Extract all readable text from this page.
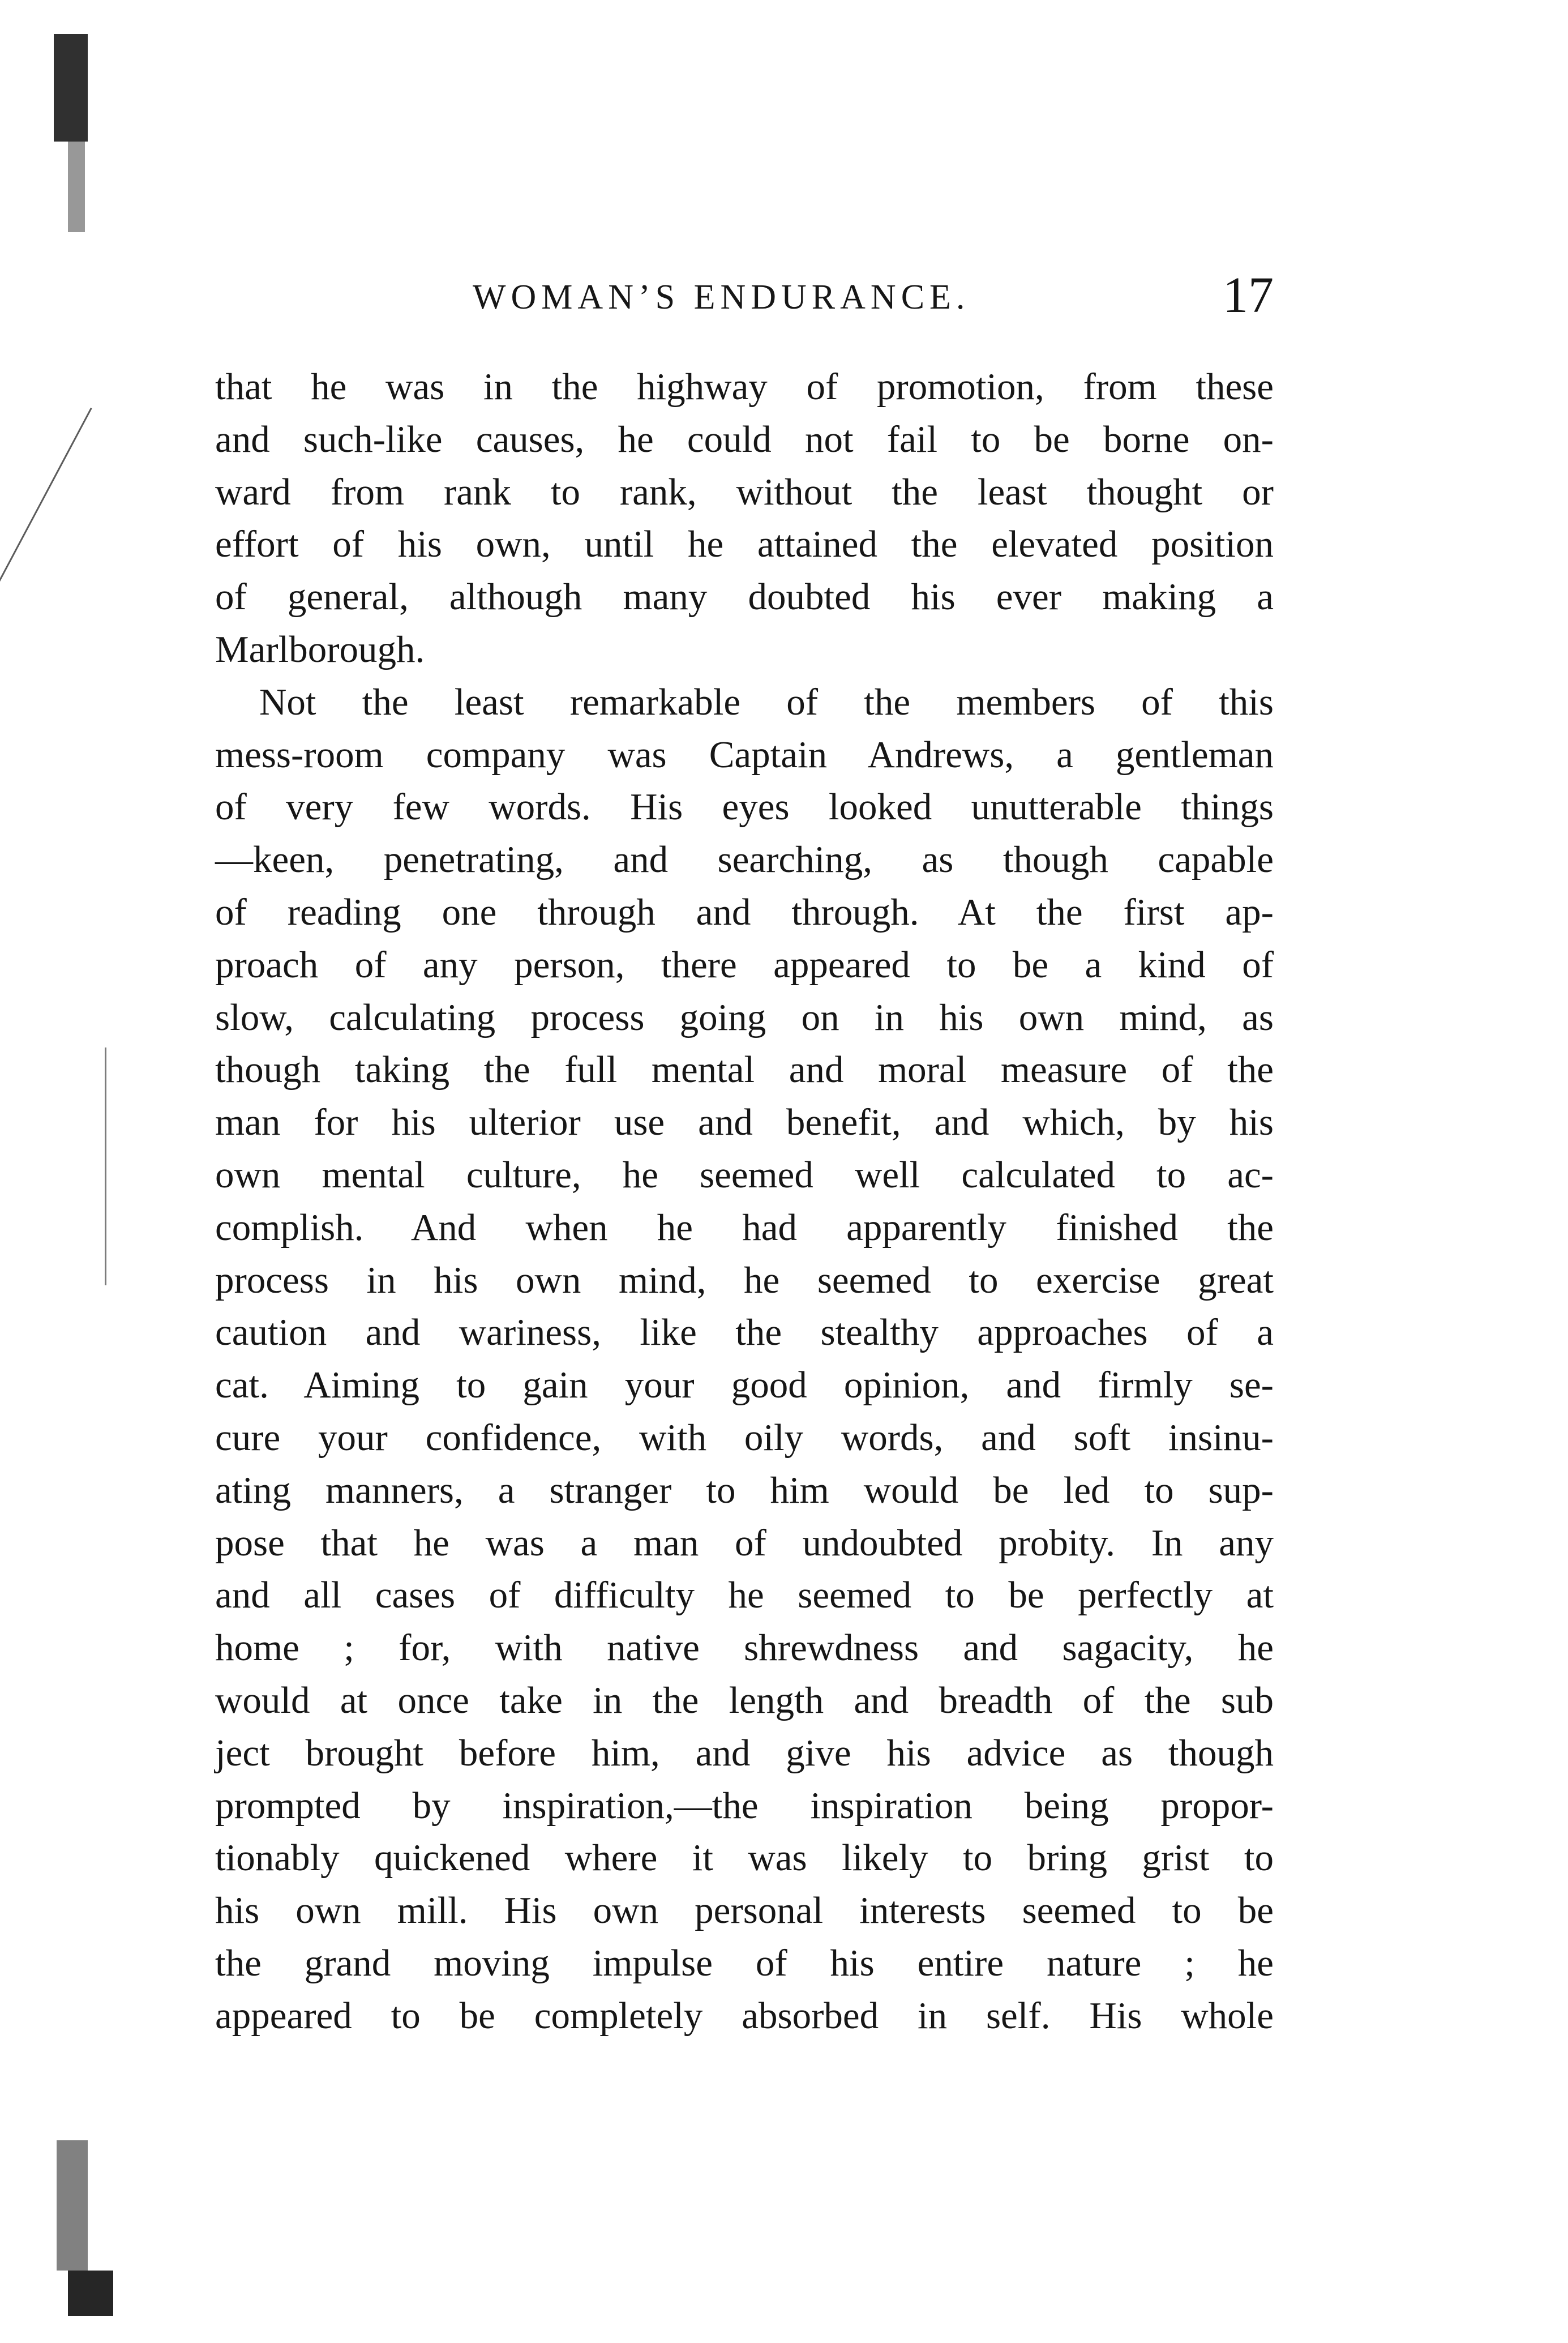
WOMAN’S ENDURANCE.	17
that he was in the highway of promotion, from these
and such-like causes, he could not fail to be borne on-
ward from rank to rank, without the least thought or
effort of his own, until he attained the elevated position
of general, although many doubted his ever making a
Marlborough.
Not the least remarkable of the members of this
mess-room company was Captain Andrews, a gentleman
of very few words. His eyes looked unutterable things
—keen, penetrating, and searching, as though capable
of reading one through and through. At the first ap-
proach of any person, there appeared to be a kind of
slow, calculating process going on in his own mind, as
though taking the full mental and moral measure of the
man for his ulterior use and benefit, and which, by his
own mental culture, he seemed well calculated to ac-
complish. And when he had apparently finished the
process in his own mind, he seemed to exercise great
caution and wariness, like the stealthy approaches of a
cat. Aiming to gain your good opinion, and firmly se-
cure your confidence, with oily words, and soft insinu-
ating manners, a stranger to him would be led to sup-
pose that he was a man of undoubted probity. In any
and all cases of difficulty he seemed to be perfectly at
home ; for, with native shrewdness and sagacity, he
would at once take in the length and breadth of the sub
ject brought before him, and give his advice as though
prompted by inspiration,—the inspiration being propor-
tionably quickened where it was likely to bring grist to
his own mill. His own personal interests seemed to be
the grand moving impulse of his entire nature ; he
appeared to be completely absorbed in self. His whole
